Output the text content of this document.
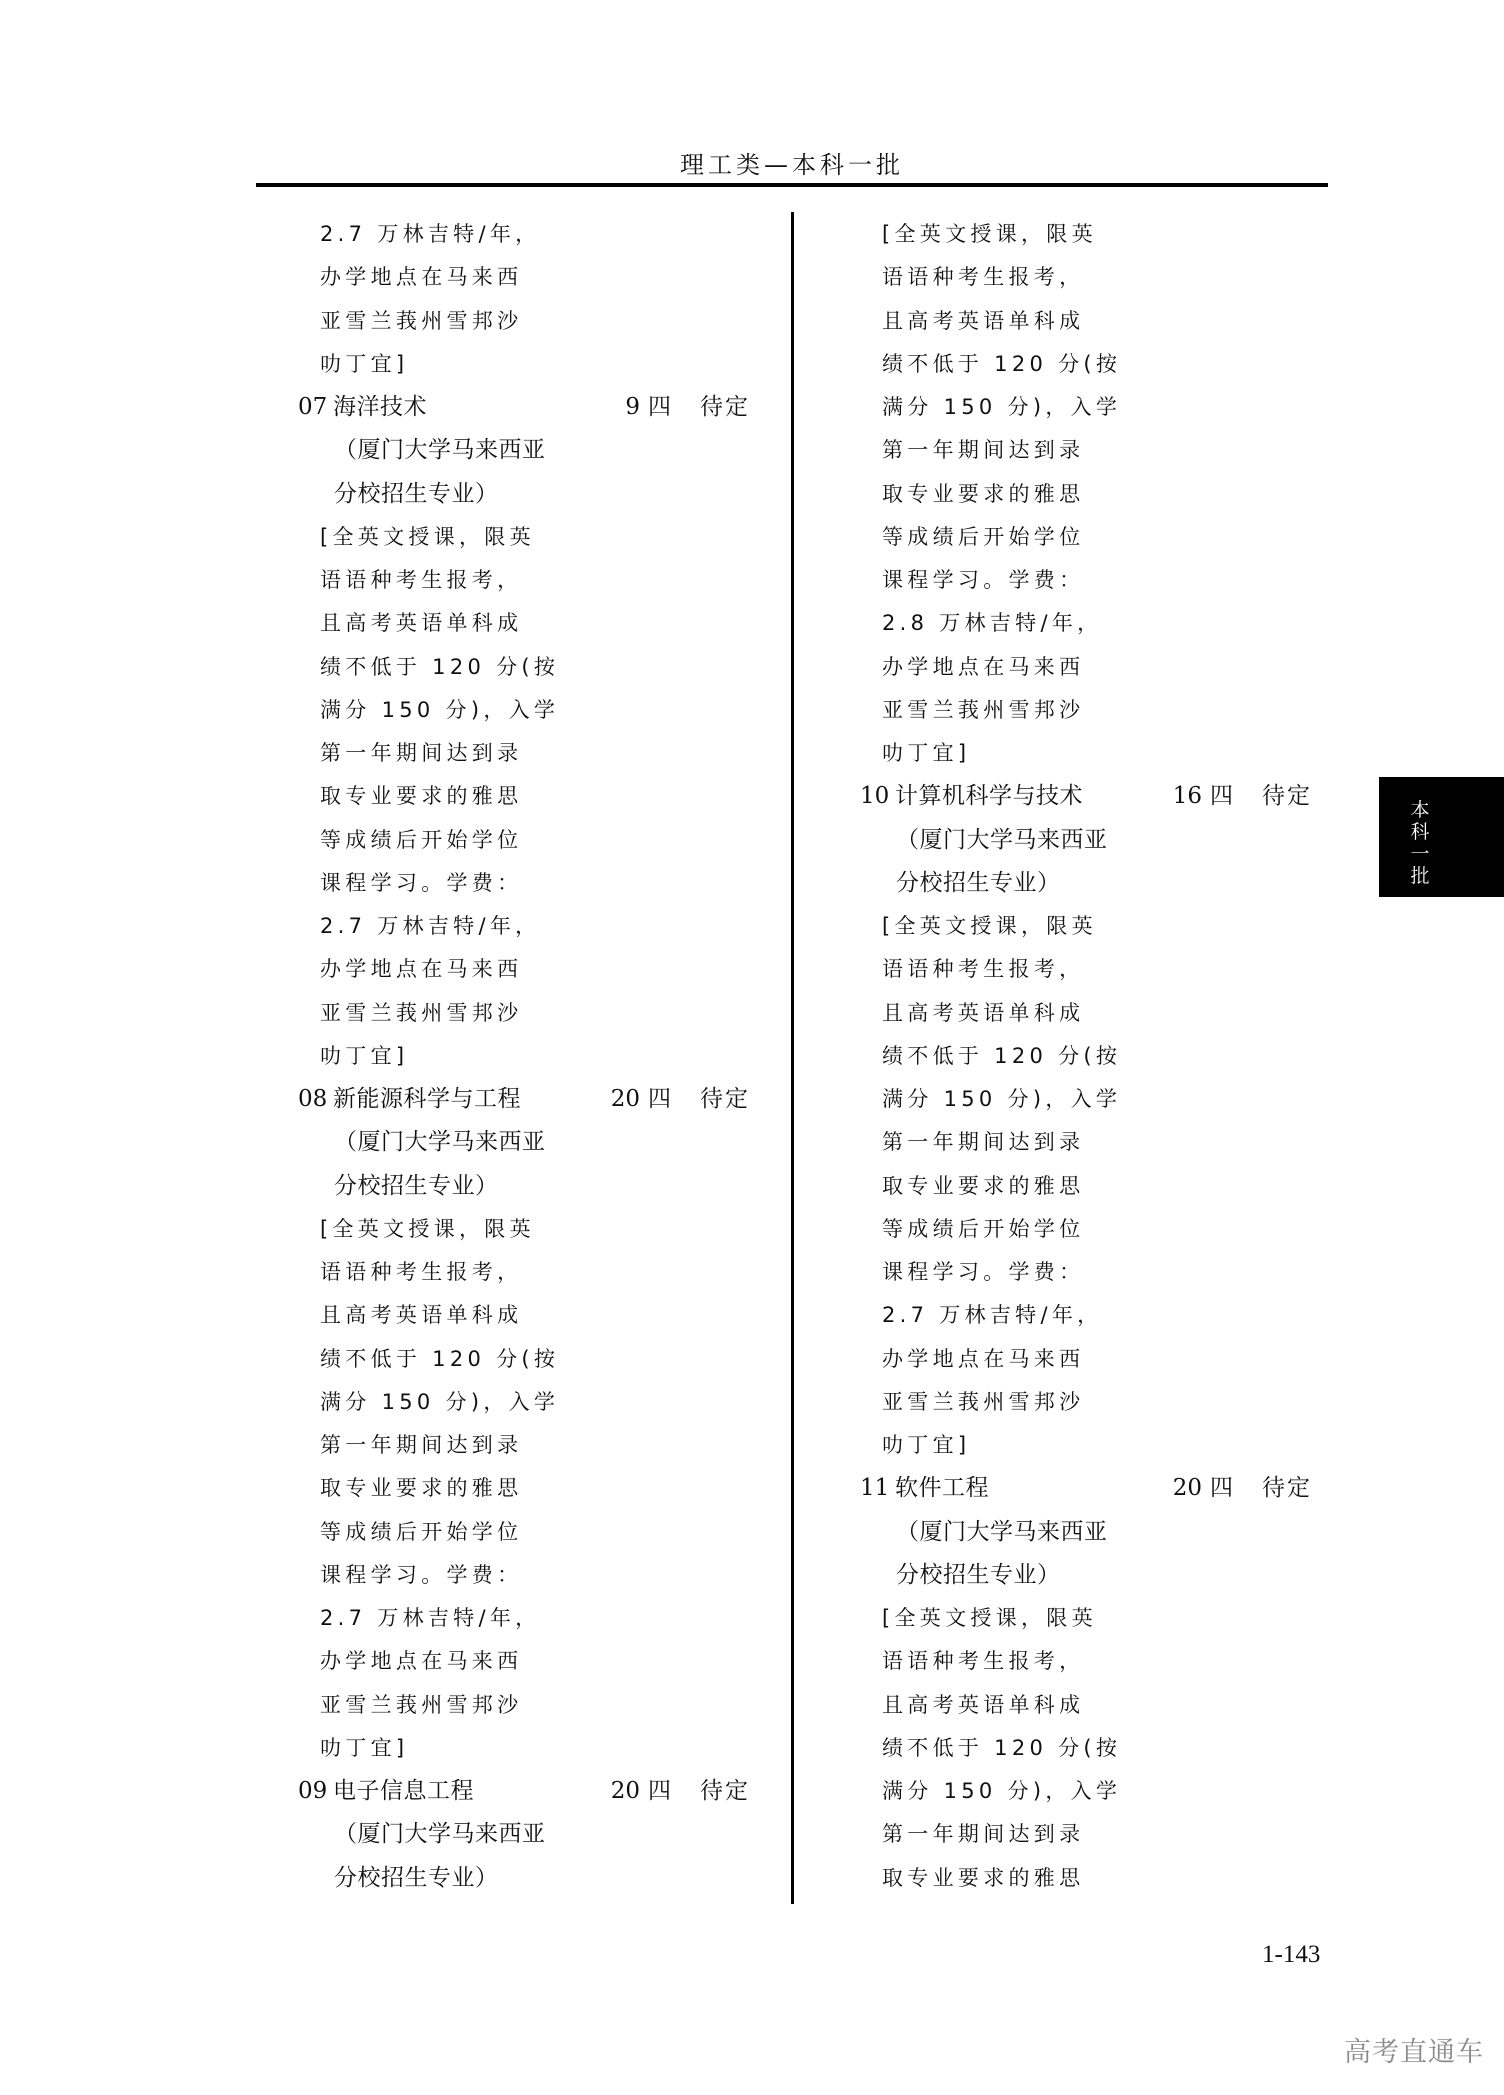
理工类—本科一批
2.7 万林吉特/年，
办学地点在马来西
亚雪兰莪州雪邦沙
叻丁宜]
07 海洋技术	9 四 待定
（厦门大学马来西亚
分校招生专业）
[全英文授课，限英
语语种考生报考，
且高考英语单科成
绩不低于 120 分(按
满分 150 分)，入学
第一年期间达到录
取专业要求的雅思
等成绩后开始学位
课程学习。学费：
2.7 万林吉特/年，
办学地点在马来西
亚雪兰莪州雪邦沙
叻丁宜]
08 新能源科学与工程	20 四 待定
（厦门大学马来西亚
分校招生专业）
[全英文授课，限英
语语种考生报考，
且高考英语单科成
绩不低于 120 分(按
满分 150 分)，入学
第一年期间达到录
取专业要求的雅思
等成绩后开始学位
课程学习。学费：
2.7 万林吉特/年，
办学地点在马来西
亚雪兰莪州雪邦沙
叻丁宜]
09 电子信息工程	20 四 待定
（厦门大学马来西亚
分校招生专业）
[全英文授课，限英
语语种考生报考，
且高考英语单科成
绩不低于 120 分(按
满分 150 分)，入学
第一年期间达到录
取专业要求的雅思
等成绩后开始学位
课程学习。学费：
2.8 万林吉特/年，
办学地点在马来西
亚雪兰莪州雪邦沙
叻丁宜]
10 计算机科学与技术	16 四 待定
（厦门大学马来西亚
分校招生专业）
[全英文授课，限英
语语种考生报考，
且高考英语单科成
绩不低于 120 分(按
满分 150 分)，入学
第一年期间达到录
取专业要求的雅思
等成绩后开始学位
课程学习。学费：
2.7 万林吉特/年，
办学地点在马来西
亚雪兰莪州雪邦沙
叻丁宜]
11 软件工程	20 四 待定
（厦门大学马来西亚
分校招生专业）
[全英文授课，限英
语语种考生报考，
且高考英语单科成
绩不低于 120 分(按
满分 150 分)，入学
第一年期间达到录
取专业要求的雅思
本
科
一
批
1-143
高考直通车
